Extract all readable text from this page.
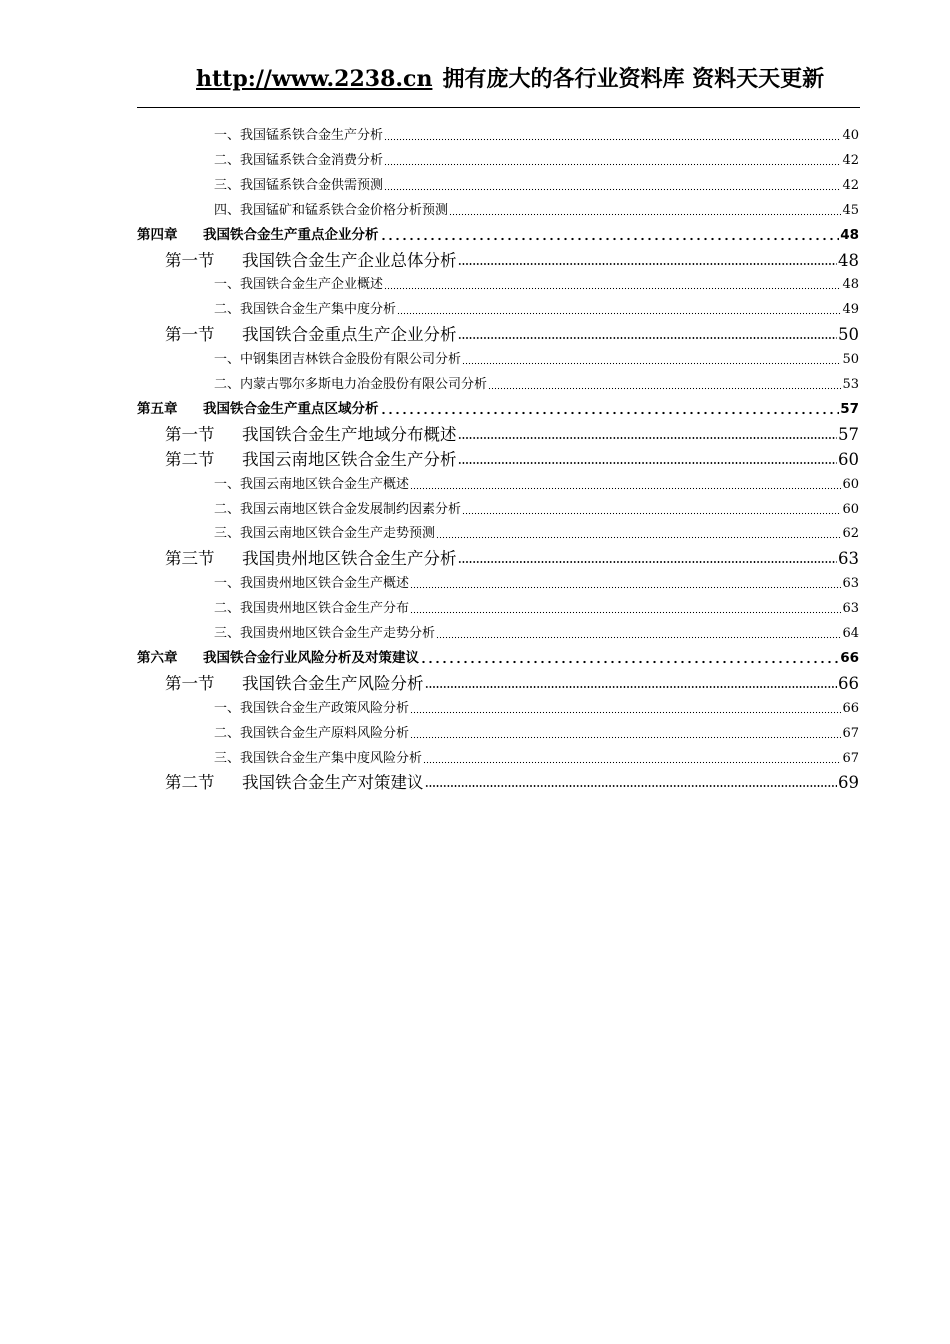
http://www.2238.cn 拥有庞大的各行业资料库 资料天天更新
一、我国锰系铁合金生产分析	40
二、我国锰系铁合金消费分析	42
三、我国锰系铁合金供需预测	42
四、我国锰矿和锰系铁合金价格分析预测	45
第四章 我国铁合金生产重点企业分析	48
第一节 我国铁合金生产企业总体分析	48
一、我国铁合金生产企业概述	48
二、我国铁合金生产集中度分析	49
第一节 我国铁合金重点生产企业分析	50
一、中钢集团吉林铁合金股份有限公司分析	50
二、内蒙古鄂尔多斯电力冶金股份有限公司分析	53
第五章 我国铁合金生产重点区域分析	57
第一节 我国铁合金生产地域分布概述	57
第二节 我国云南地区铁合金生产分析	60
一、我国云南地区铁合金生产概述	60
二、我国云南地区铁合金发展制约因素分析	60
三、我国云南地区铁合金生产走势预测	62
第三节 我国贵州地区铁合金生产分析	63
一、我国贵州地区铁合金生产概述	63
二、我国贵州地区铁合金生产分布	63
三、我国贵州地区铁合金生产走势分析	64
第六章 我国铁合金行业风险分析及对策建议	66
第一节 我国铁合金生产风险分析	66
一、我国铁合金生产政策风险分析	66
二、我国铁合金生产原料风险分析	67
三、我国铁合金生产集中度风险分析	67
第二节 我国铁合金生产对策建议	69
